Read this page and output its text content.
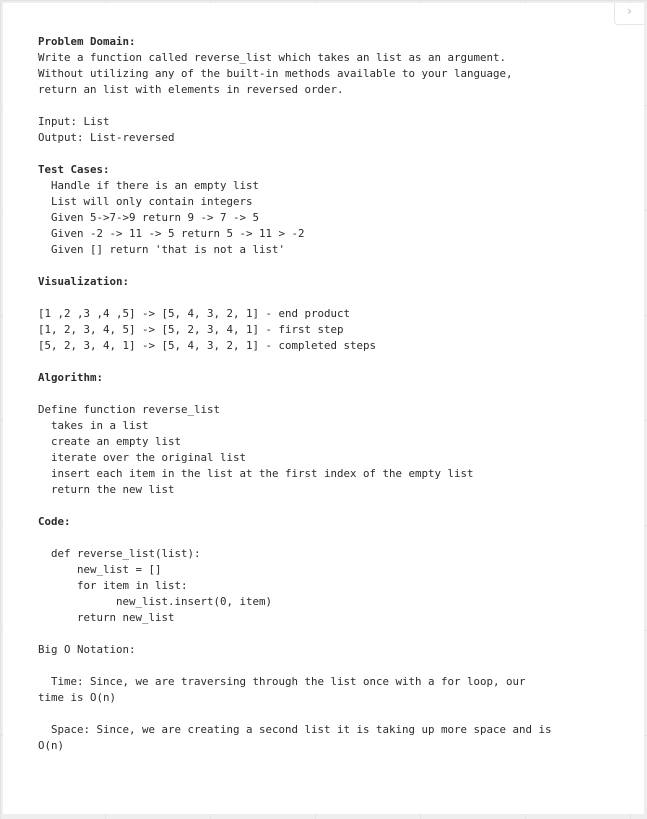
›
Problem Domain:
Write a function called reverse_list which takes an list as an argument.
Without utilizing any of the built-in methods available to your language,
return an list with elements in reversed order.
Input: List
Output: List-reversed
Test Cases:
Handle if there is an empty list
List will only contain integers
Given 5->7->9 return 9 -> 7 -> 5
Given -2 -> 11 -> 5 return 5 -> 11 > -2
Given [] return 'that is not a list'
Visualization:
[1 ,2 ,3 ,4 ,5] -> [5, 4, 3, 2, 1] - end product
[1, 2, 3, 4, 5] -> [5, 2, 3, 4, 1] - first step
[5, 2, 3, 4, 1] -> [5, 4, 3, 2, 1] - completed steps
Algorithm:
Define function reverse_list
takes in a list
create an empty list
iterate over the original list
insert each item in the list at the first index of the empty list
return the new list
Code:
def reverse_list(list):
new_list = []
for item in list:
new_list.insert(0, item)
return new_list
Big O Notation:
Time: Since, we are traversing through the list once with a for loop, our
time is O(n)
Space: Since, we are creating a second list it is taking up more space and is
O(n)
